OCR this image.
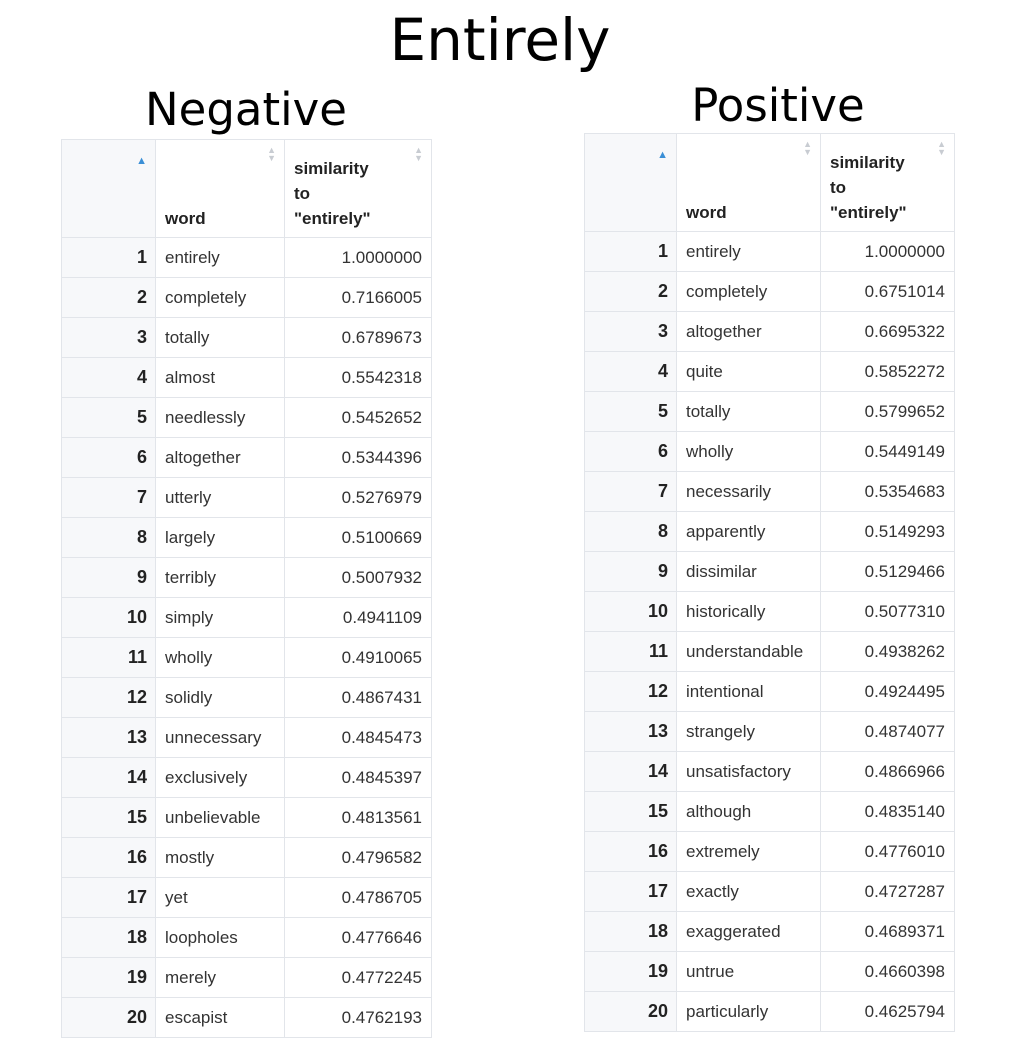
Entirely
Negative	Positive
▲	▲
▼
word	▲
▼
similarity
to
"entirely"
1	entirely	1.0000000
2	completely	0.7166005
3	totally	0.6789673
4	almost	0.5542318
5	needlessly	0.5452652
6	altogether	0.5344396
7	utterly	0.5276979
8	largely	0.5100669
9	terribly	0.5007932
10	simply	0.4941109
11	wholly	0.4910065
12	solidly	0.4867431
13	unnecessary	0.4845473
14	exclusively	0.4845397
15	unbelievable	0.4813561
16	mostly	0.4796582
17	yet	0.4786705
18	loopholes	0.4776646
19	merely	0.4772245
20	escapist	0.4762193
▲	▲
▼
word	▲
▼
similarity
to
"entirely"
1	entirely	1.0000000
2	completely	0.6751014
3	altogether	0.6695322
4	quite	0.5852272
5	totally	0.5799652
6	wholly	0.5449149
7	necessarily	0.5354683
8	apparently	0.5149293
9	dissimilar	0.5129466
10	historically	0.5077310
11	understandable	0.4938262
12	intentional	0.4924495
13	strangely	0.4874077
14	unsatisfactory	0.4866966
15	although	0.4835140
16	extremely	0.4776010
17	exactly	0.4727287
18	exaggerated	0.4689371
19	untrue	0.4660398
20	particularly	0.4625794
